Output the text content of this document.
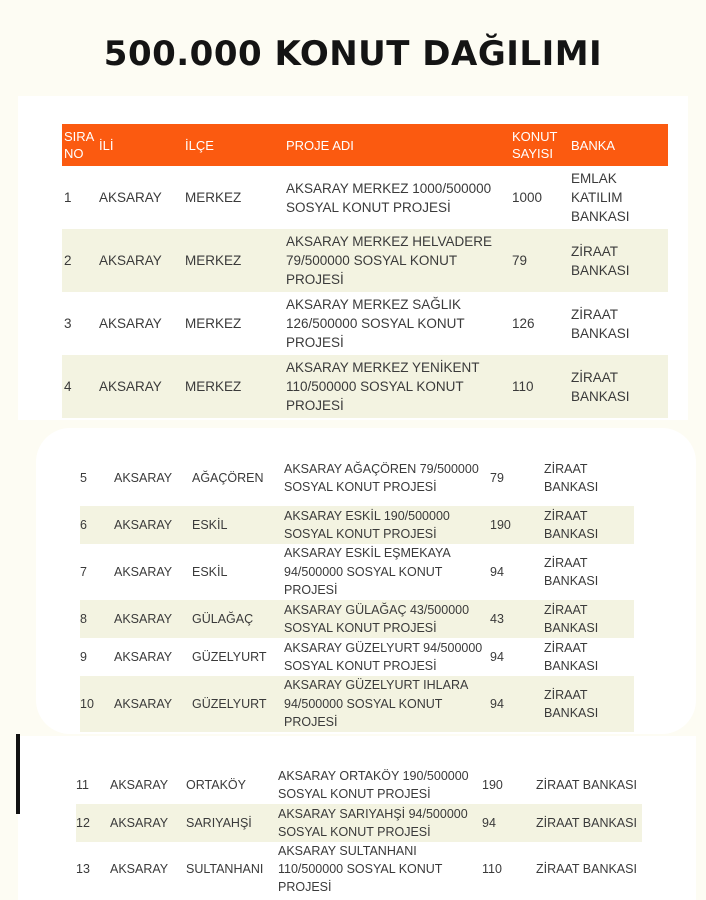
500.000 KONUT DAĞILIMI
SIRA NO	İLİ	İLÇE	PROJE ADI	KONUT SAYISI	BANKA
1	AKSARAY	MERKEZ	AKSARAY MERKEZ 1000/500000 SOSYAL KONUT PROJESİ	1000	EMLAK KATILIM BANKASI
2	AKSARAY	MERKEZ	AKSARAY MERKEZ HELVADERE 79/500000 SOSYAL KONUT PROJESİ	79	ZİRAAT BANKASI
3	AKSARAY	MERKEZ	AKSARAY MERKEZ SAĞLIK 126/500000 SOSYAL KONUT PROJESİ	126	ZİRAAT BANKASI
4	AKSARAY	MERKEZ	AKSARAY MERKEZ YENİKENT 110/500000 SOSYAL KONUT PROJESİ	110	ZİRAAT BANKASI
5	AKSARAY	AĞAÇÖREN	AKSARAY AĞAÇÖREN 79/500000 SOSYAL KONUT PROJESİ	79	ZİRAAT BANKASI
6	AKSARAY	ESKİL	AKSARAY ESKİL 190/500000 SOSYAL KONUT PROJESİ	190	ZİRAAT BANKASI
7	AKSARAY	ESKİL	AKSARAY ESKİL EŞMEKAYA 94/500000 SOSYAL KONUT PROJESİ	94	ZİRAAT BANKASI
8	AKSARAY	GÜLAĞAÇ	AKSARAY GÜLAĞAÇ 43/500000 SOSYAL KONUT PROJESİ	43	ZİRAAT BANKASI
9	AKSARAY	GÜZELYURT	AKSARAY GÜZELYURT 94/500000 SOSYAL KONUT PROJESİ	94	ZİRAAT BANKASI
10	AKSARAY	GÜZELYURT	AKSARAY GÜZELYURT IHLARA 94/500000 SOSYAL KONUT PROJESİ	94	ZİRAAT BANKASI
11	AKSARAY	ORTAKÖY	AKSARAY ORTAKÖY 190/500000 SOSYAL KONUT PROJESİ	190	ZİRAAT BANKASI
12	AKSARAY	SARIYAHŞİ	AKSARAY SARIYAHŞİ 94/500000 SOSYAL KONUT PROJESİ	94	ZİRAAT BANKASI
13	AKSARAY	SULTANHANI	AKSARAY SULTANHANI 110/500000 SOSYAL KONUT PROJESİ	110	ZİRAAT BANKASI
